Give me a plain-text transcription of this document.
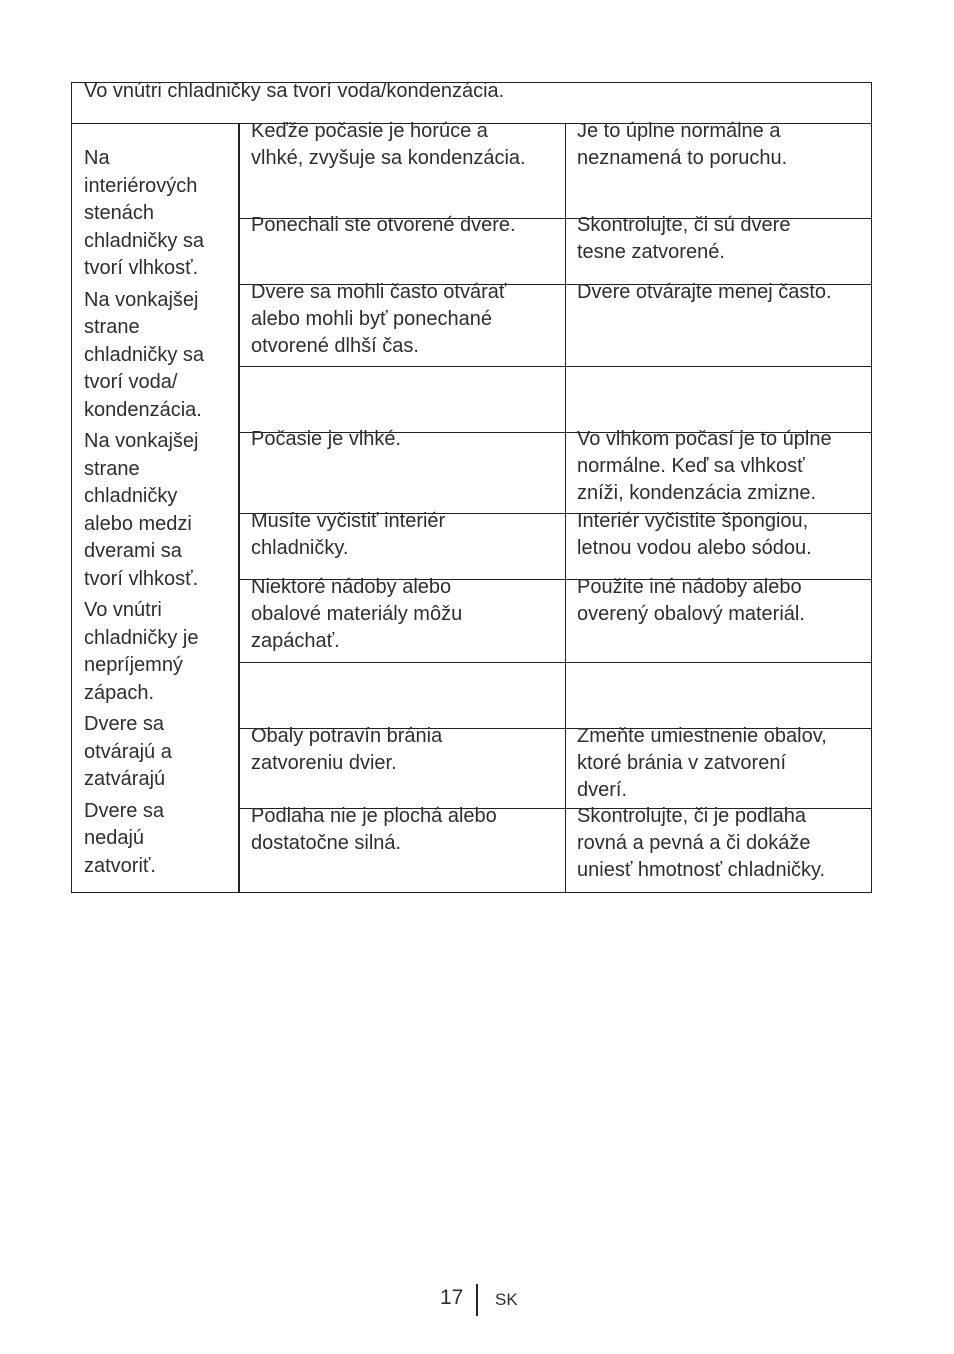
Vo vnútri chladničky sa tvorí voda/kondenzácia.
Na
interiérových
stenách
chladničky sa
tvorí vlhkosť.
Na vonkajšej
strane
chladničky sa
tvorí voda/
kondenzácia.
Na vonkajšej
strane
chladničky
alebo medzi
dverami sa
tvorí vlhkosť.
Vo vnútri
chladničky je
nepríjemný
zápach.
Dvere sa
otvárajú a
zatvárajú
Dvere sa
nedajú
zatvoriť.
Keďže počasie je horúce a
vlhké, zvyšuje sa kondenzácia.
Ponechali ste otvorené dvere.
Dvere sa mohli často otvárať
alebo mohli byť ponechané
otvorené dlhší čas.
Počasie je vlhké.
Musíte vyčistiť interiér
chladničky.
Niektoré nádoby alebo
obalové materiály môžu
zapáchať.
Obaly potravín bránia
zatvoreniu dvier.
Podlaha nie je plochá alebo
dostatočne silná.
Je to úplne normálne a
neznamená to poruchu.
Skontrolujte, či sú dvere
tesne zatvorené.
Dvere otvárajte menej často.
Vo vlhkom počasí je to úplne
normálne. Keď sa vlhkosť
zníži, kondenzácia zmizne.
Interiér vyčistite špongiou,
letnou vodou alebo sódou.
Použite iné nádoby alebo
overený obalový materiál.
Zmeňte umiestnenie obalov,
ktoré bránia v zatvorení
dverí.
Skontrolujte, či je podlaha
rovná a pevná a či dokáže
uniesť hmotnosť chladničky.
17 SK
